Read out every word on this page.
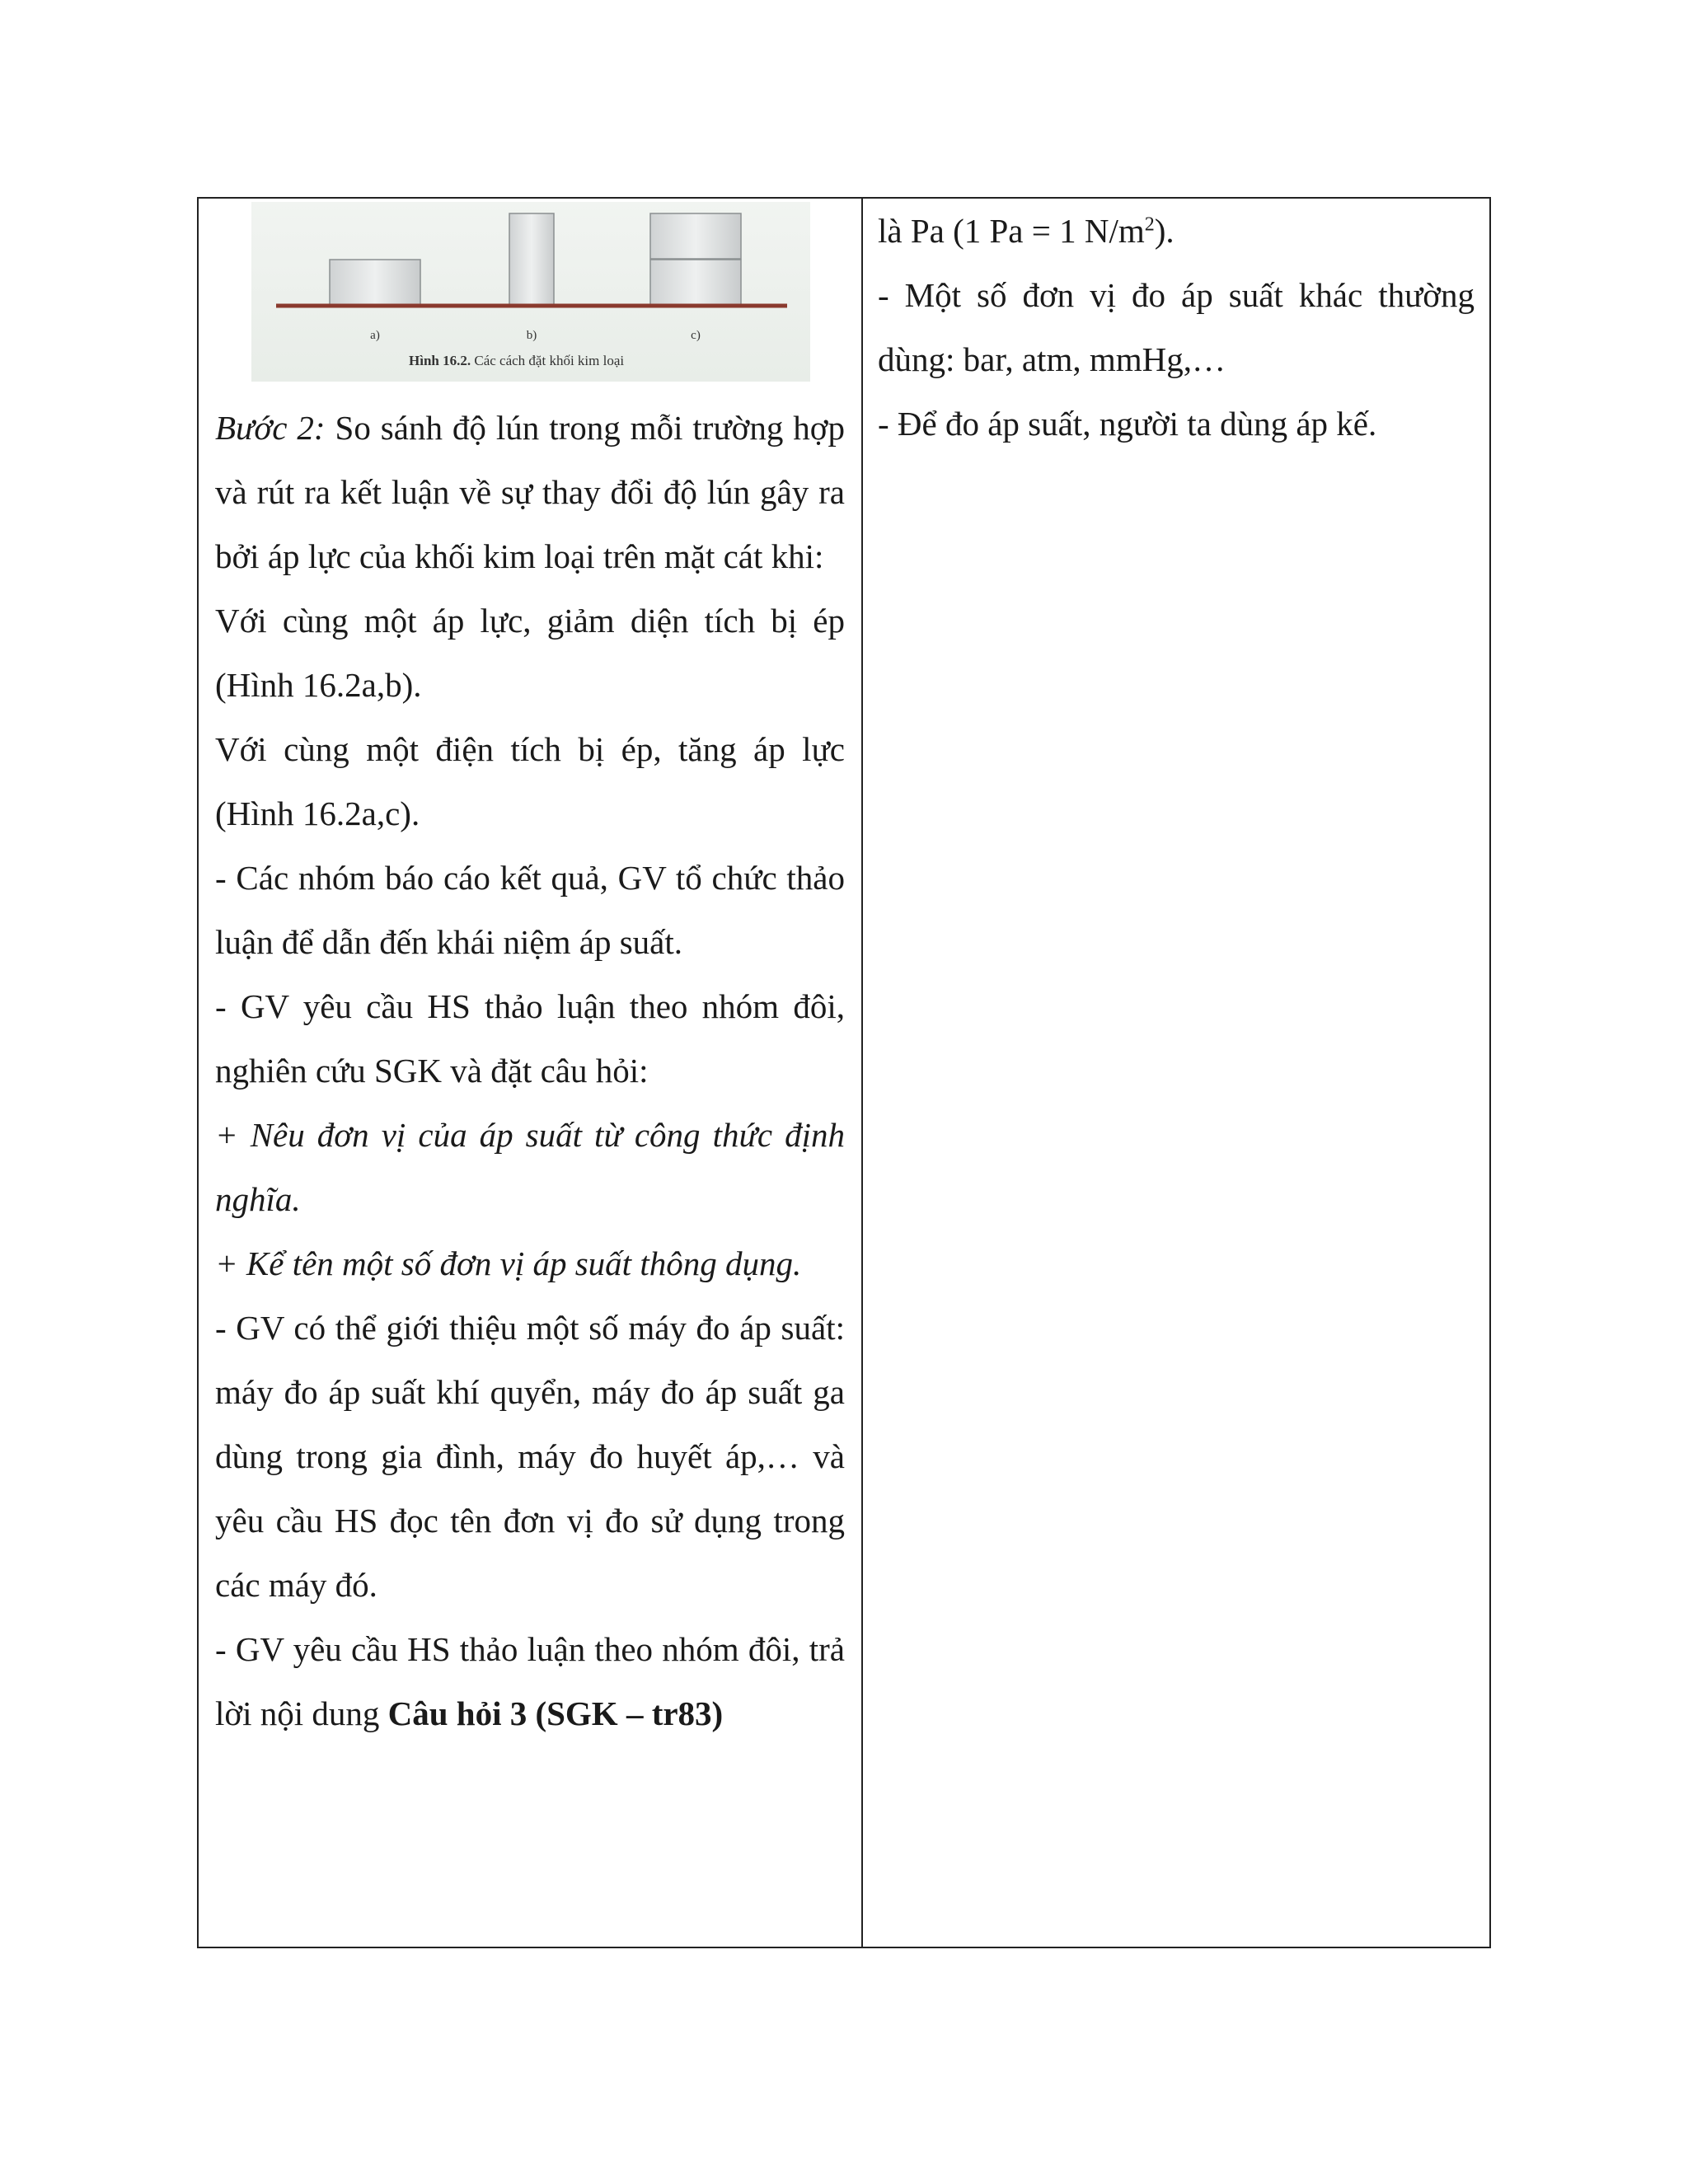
a)	b)	c)
Hình 16.2. Các cách đặt khối kim loại

Bước 2: So sánh độ lún trong mỗi trường hợp và rút ra kết luận về sự thay đổi độ lún gây ra bởi áp lực của khối kim loại trên mặt cát khi:

Với cùng một áp lực, giảm diện tích bị ép (Hình 16.2a,b).

Với cùng một điện tích bị ép, tăng áp lực (Hình 16.2a,c).

- Các nhóm báo cáo kết quả, GV tổ chức thảo luận để dẫn đến khái niệm áp suất.

- GV yêu cầu HS thảo luận theo nhóm đôi, nghiên cứu SGK và đặt câu hỏi:

+ Nêu đơn vị của áp suất từ công thức định nghĩa.

+ Kể tên một số đơn vị áp suất thông dụng.

- GV có thể giới thiệu một số máy đo áp suất: máy đo áp suất khí quyển, máy đo áp suất ga dùng trong gia đình, máy đo huyết áp,… và yêu cầu HS đọc tên đơn vị đo sử dụng trong các máy đó.

- GV yêu cầu HS thảo luận theo nhóm đôi, trả lời nội dung Câu hỏi 3 (SGK – tr83)

là Pa (1 Pa = 1 $N/m^2$).

- Một số đơn vị đo áp suất khác thường dùng: bar, atm, mmHg,…

- Để đo áp suất, người ta dùng áp kế.
